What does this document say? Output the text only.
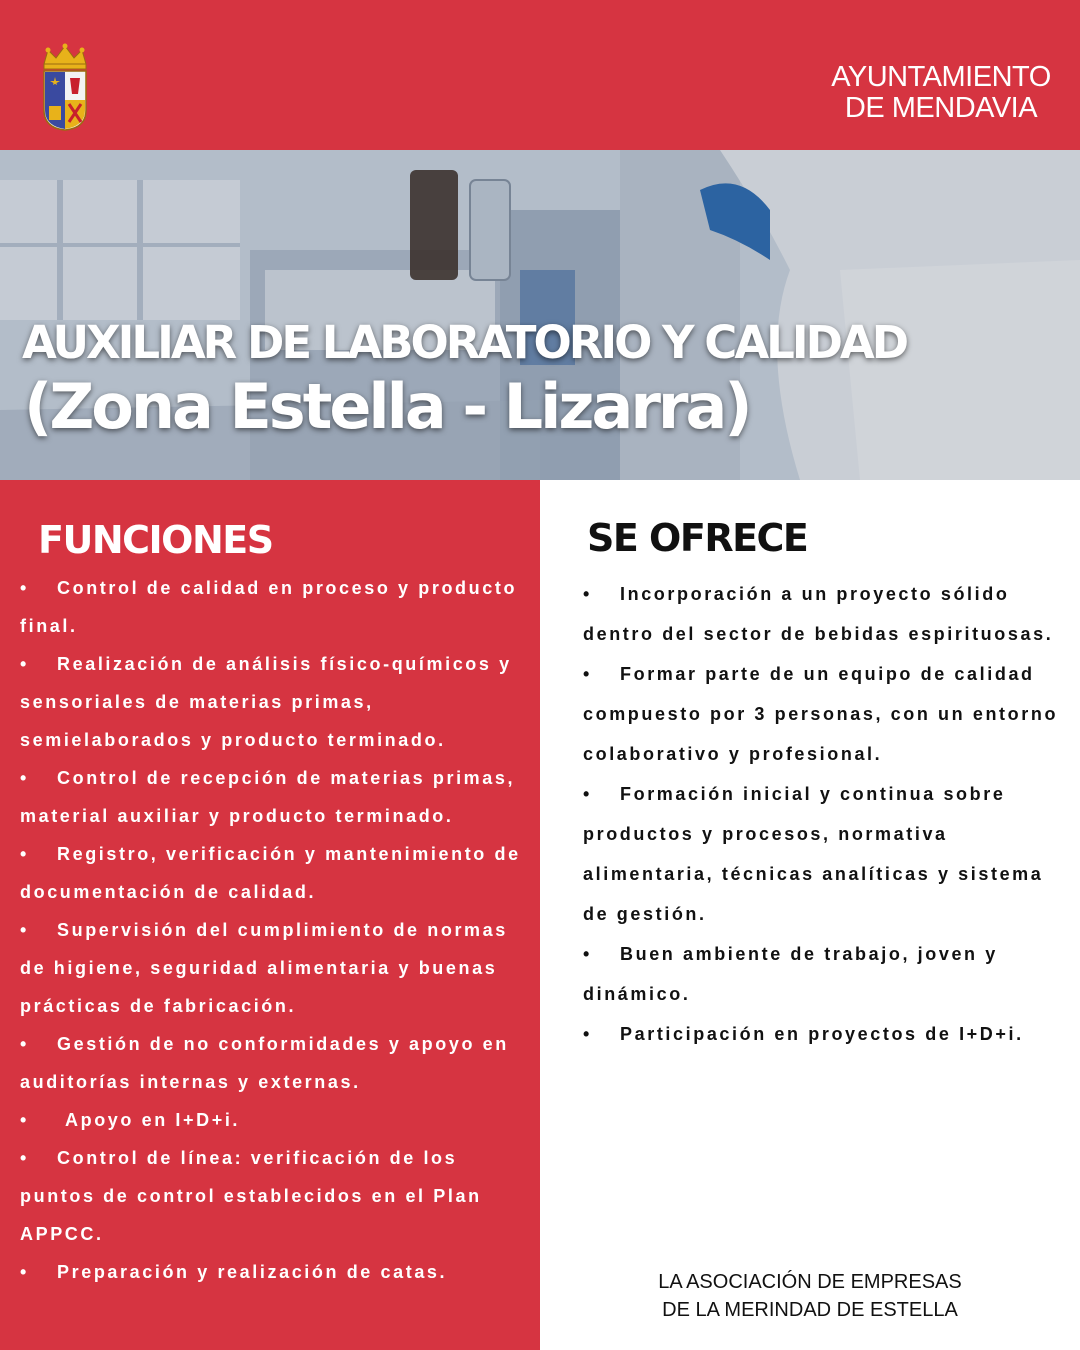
AYUNTAMIENTO
DE MENDAVIA
AUXILIAR DE LABORATORIO Y CALIDAD
(Zona Estella - Lizarra)
FUNCIONES
• Control de calidad en proceso y producto final.
• Realización de análisis físico-químicos y sensoriales de materias primas, semielaborados y producto terminado.
• Control de recepción de materias primas, material auxiliar y producto terminado.
• Registro, verificación y mantenimiento de documentación de calidad.
• Supervisión del cumplimiento de normas de higiene, seguridad alimentaria y buenas prácticas de fabricación.
• Gestión de no conformidades y apoyo en auditorías internas y externas.
• Apoyo en I+D+i.
• Control de línea: verificación de los puntos de control establecidos en el Plan APPCC.
• Preparación y realización de catas.
SE OFRECE
• Incorporación a un proyecto sólido dentro del sector de bebidas espirituosas.
• Formar parte de un equipo de calidad compuesto por 3 personas, con un entorno colaborativo y profesional.
• Formación inicial y continua sobre productos y procesos, normativa alimentaria, técnicas analíticas y sistema de gestión.
• Buen ambiente de trabajo, joven y dinámico.
• Participación en proyectos de I+D+i.
LA ASOCIACIÓN DE EMPRESAS
DE LA MERINDAD DE ESTELLA
